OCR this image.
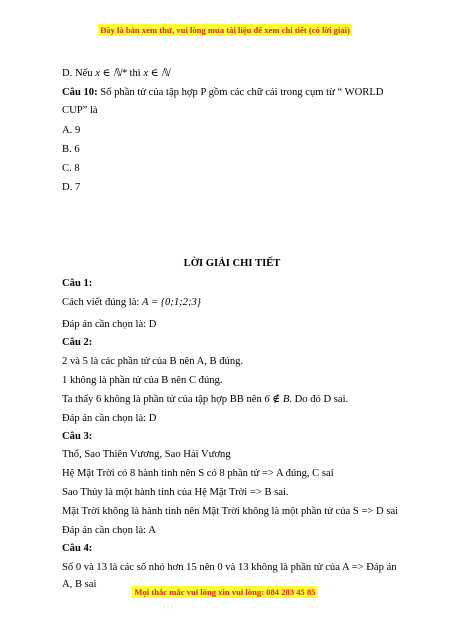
Đây là bản xem thử, vui lòng mua tài liệu để xem chi tiết (có lời giải)
D. Nếu x ∈ ℕ* thì x ∈ ℕ
Câu 10: Số phần tử của tập hợp P gồm các chữ cái trong cụm từ “ WORLD
CUP” là
A. 9
B. 6
C. 8
D. 7
LỜI GIẢI CHI TIẾT
Câu 1:
Cách viết đúng là: A = {0;1;2;3}
Đáp án cần chọn là: D
Câu 2:
2 và 5 là các phần tử của B nên A, B đúng.
1 không là phần tử của B nên C đúng.
Ta thấy 6 không là phần tử của tập hợp BB nên 6 ∉ B. Do đó D sai.
Đáp án cần chọn là: D
Câu 3:
Thổ, Sao Thiên Vương, Sao Hải Vương
Hệ Mặt Trời có 8 hành tinh nên S có 8 phần tử => A đúng, C sai
Sao Thủy là một hành tinh của Hệ Mặt Trời => B sai.
Mặt Trời không là hành tinh nên Mặt Trời không là một phần tử của S => D sai
Đáp án cần chọn là: A
Câu 4:
Số 0 và 13 là các số nhỏ hơn 15 nên 0 và 13 không là phần tử của A => Đáp án
A, B sai
Mọi thắc mắc vui lòng xin vui lòng: 084 283 45 85
